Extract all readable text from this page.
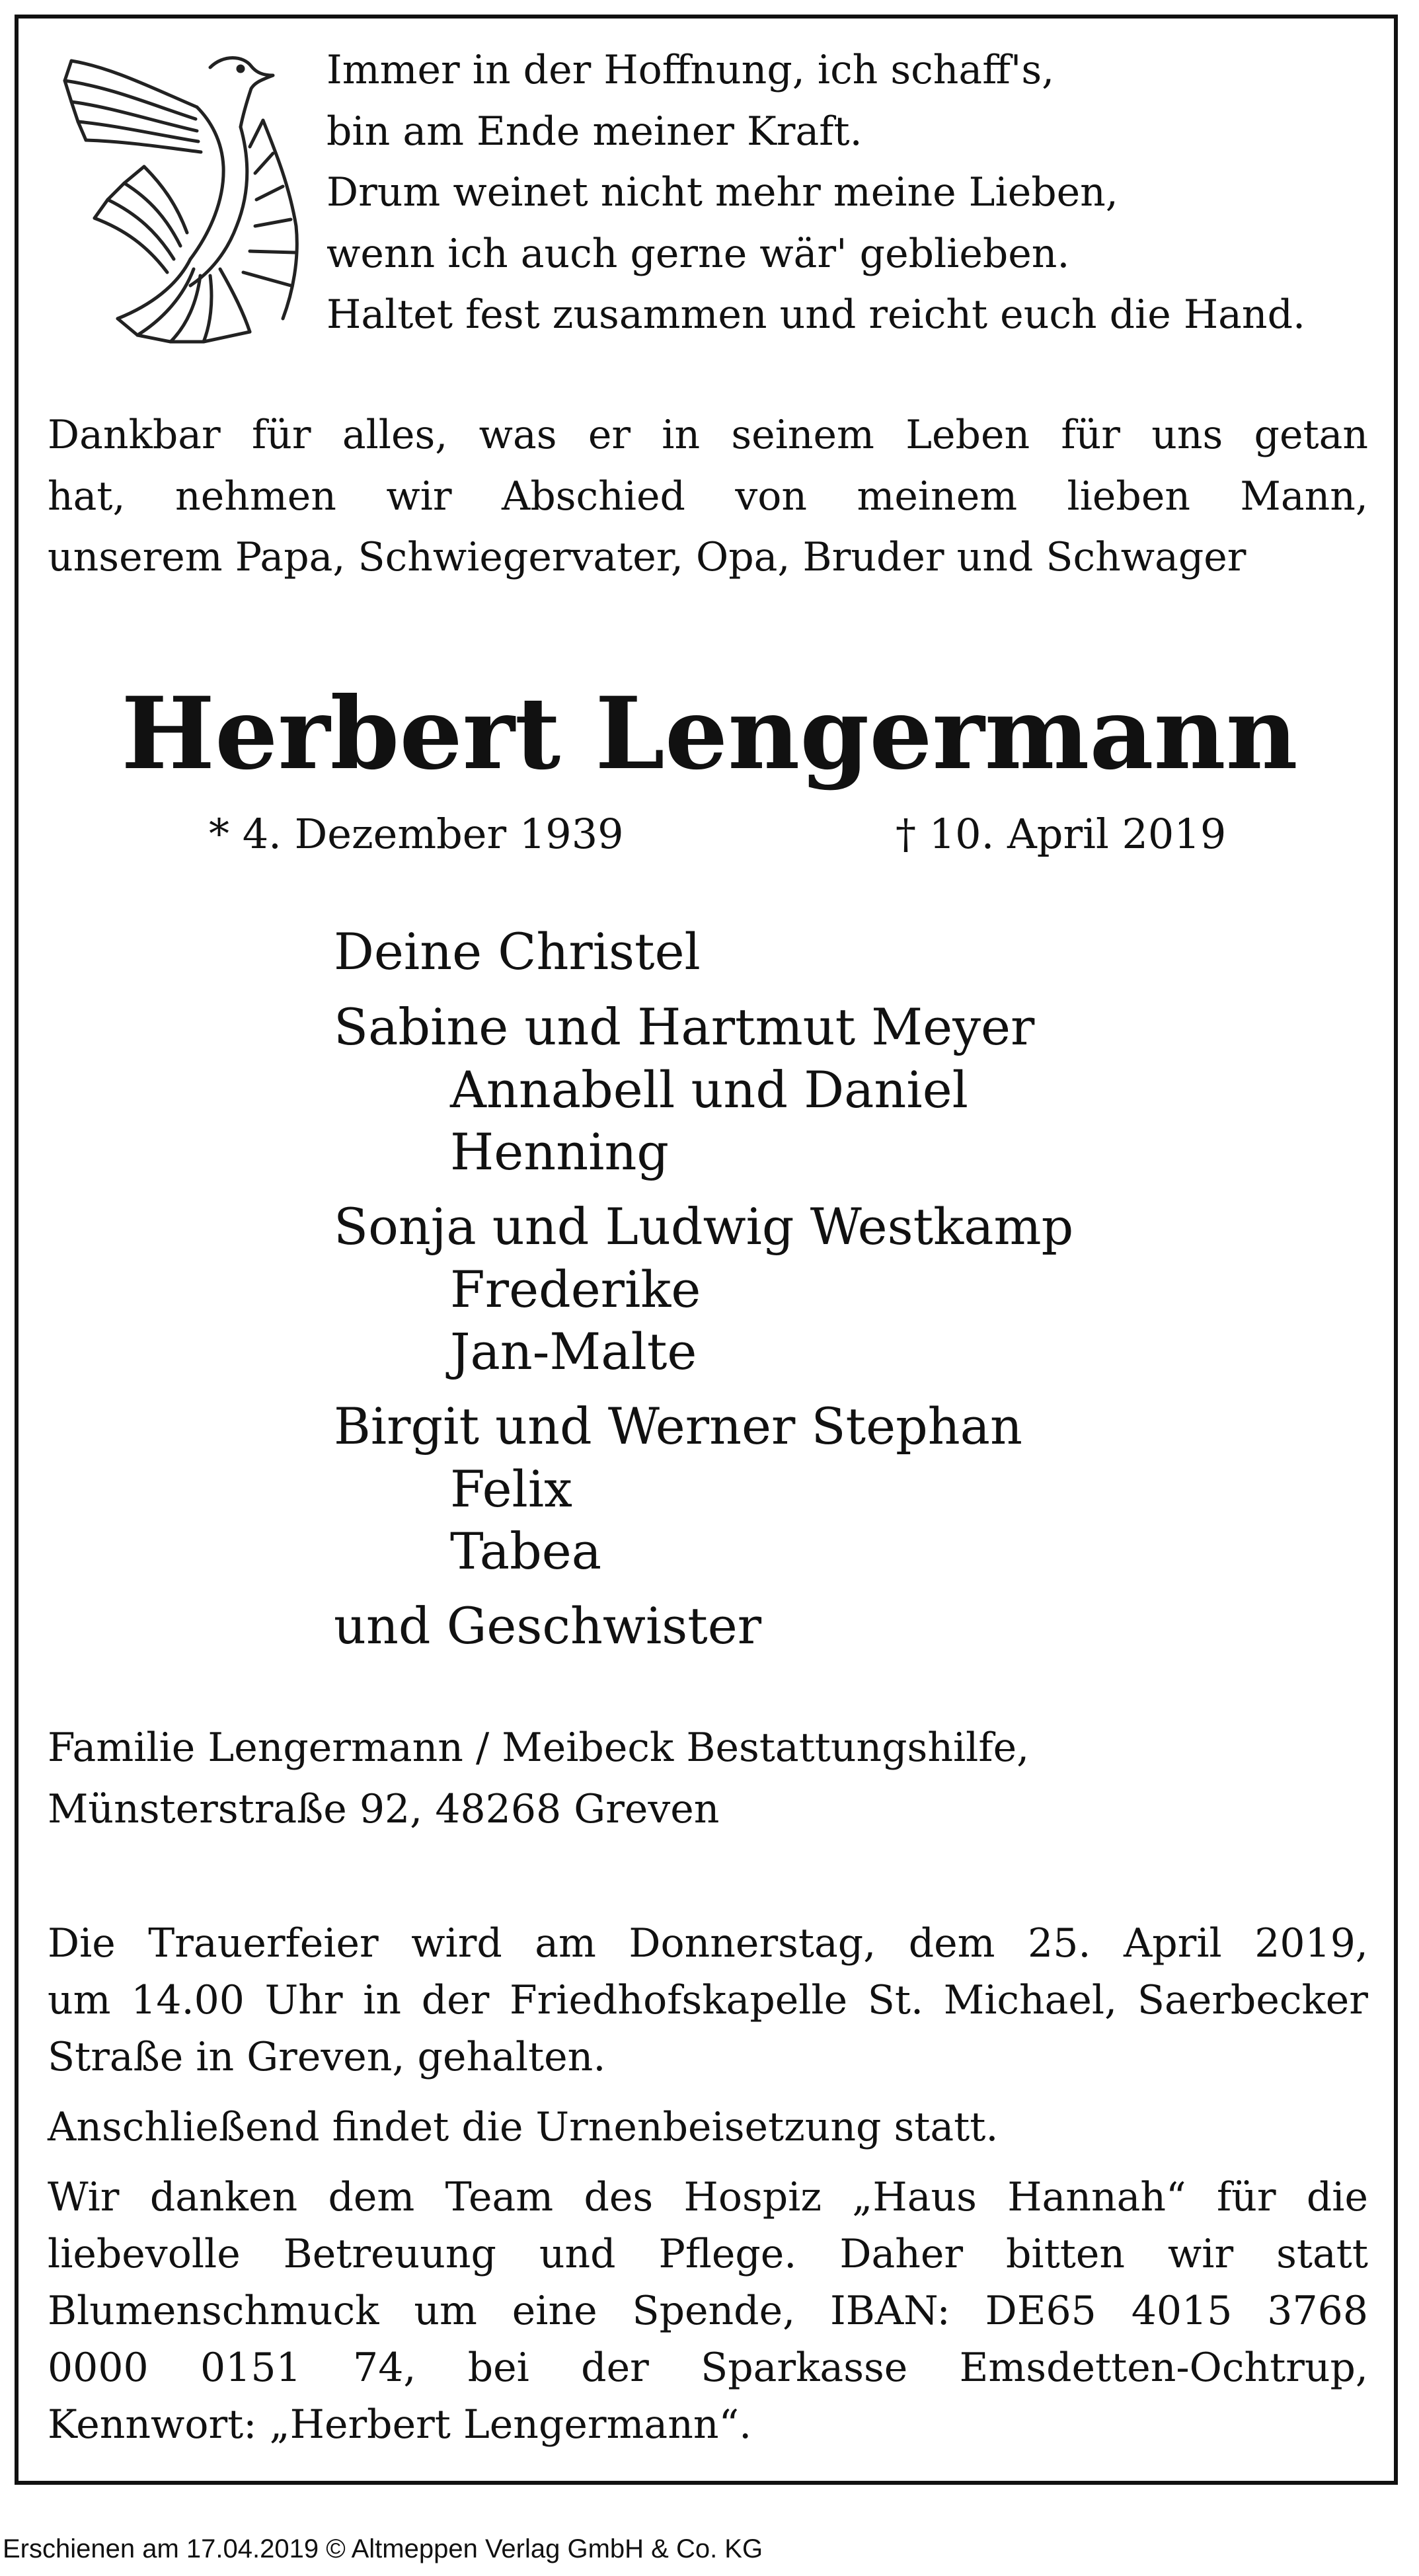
Immer in der Hoffnung, ich schaff's,
bin am Ende meiner Kraft.
Drum weinet nicht mehr meine Lieben,
wenn ich auch gerne wär' geblieben.
Haltet fest zusammen und reicht euch die Hand.
Dankbar für alles, was er in seinem Leben für uns getan
hat, nehmen wir Abschied von meinem lieben Mann,
unserem Papa, Schwiegervater, Opa, Bruder und Schwager
Herbert Lengermann
* 4. Dezember 1939	† 10. April 2019
Deine Christel
Sabine und Hartmut Meyer
Annabell und Daniel
Henning
Sonja und Ludwig Westkamp
Frederike
Jan-Malte
Birgit und Werner Stephan
Felix
Tabea
und Geschwister
Familie Lengermann / Meibeck Bestattungshilfe,
Münsterstraße 92, 48268 Greven
Die Trauerfeier wird am Donnerstag, dem 25. April 2019,
um 14.00 Uhr in der Friedhofskapelle St. Michael, Saerbecker
Straße in Greven, gehalten.
Anschließend findet die Urnenbeisetzung statt.
Wir danken dem Team des Hospiz „Haus Hannah“ für die
liebevolle Betreuung und Pflege. Daher bitten wir statt
Blumenschmuck um eine Spende, IBAN: DE65 4015 3768
0000 0151 74, bei der Sparkasse Emsdetten-Ochtrup,
Kennwort: „Herbert Lengermann“.
Erschienen am 17.04.2019 © Altmeppen Verlag GmbH & Co. KG
